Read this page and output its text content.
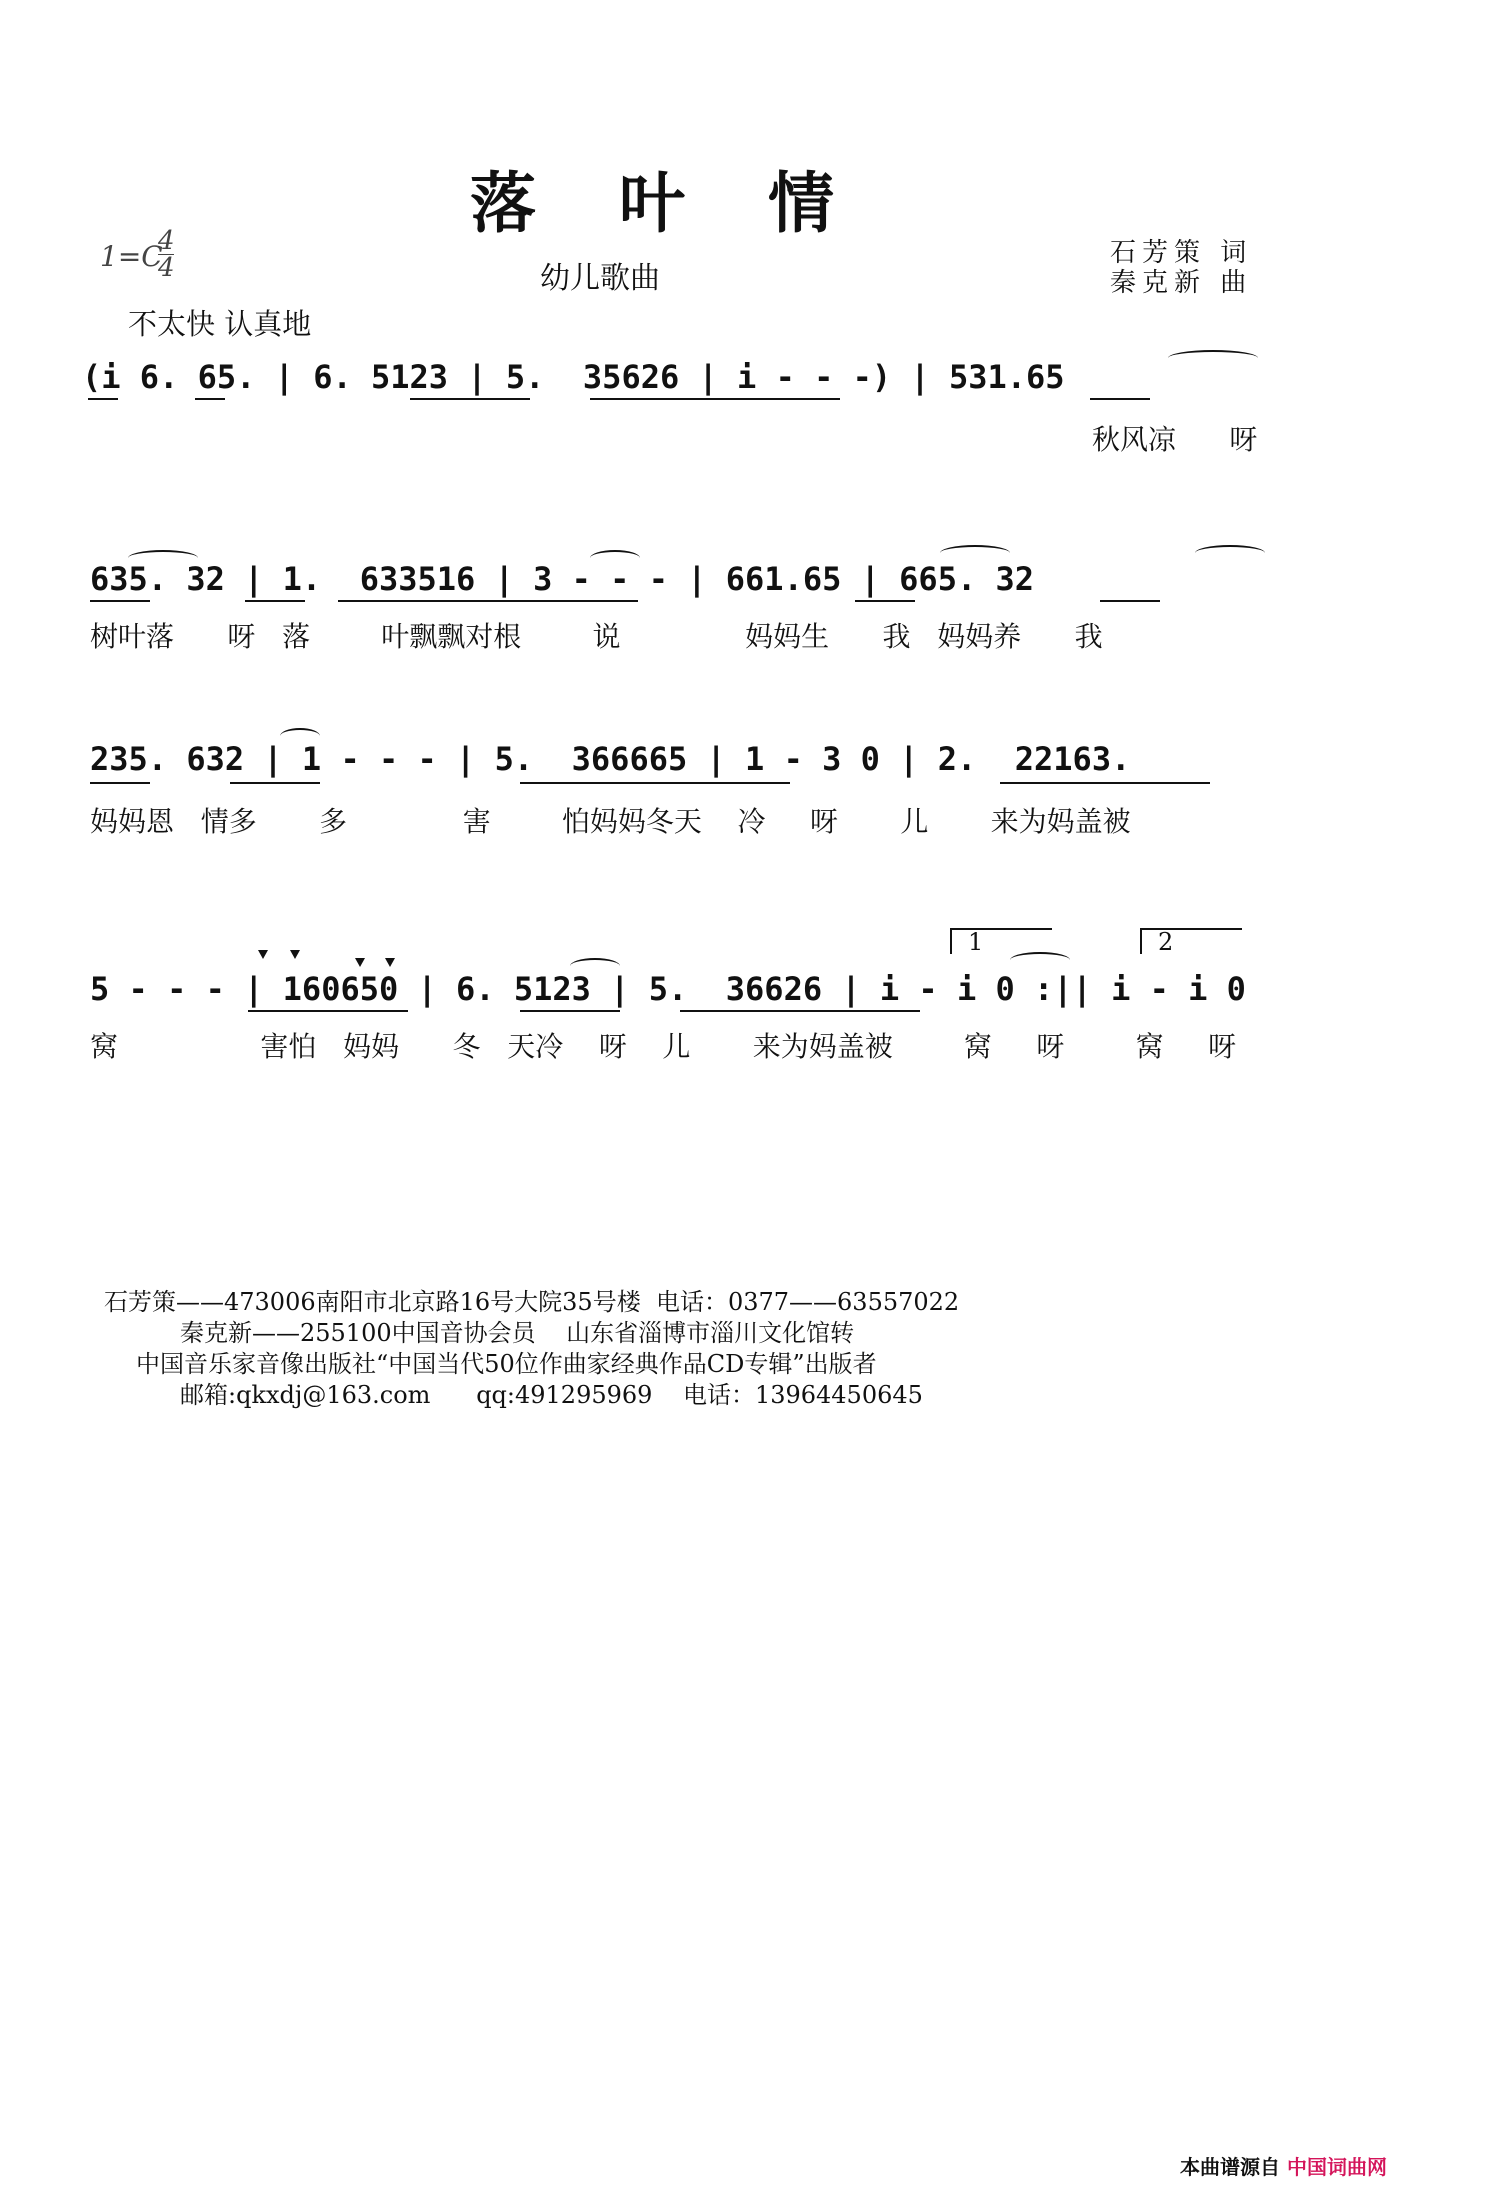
落 叶 情
幼儿歌曲
石芳策 词
秦克新 曲
1=C
4
4
不太快 认真地
(i 6. 65. | 6. 5123 | 5.  35626 | i - - -) | 531.65
秋风凉      呀
635. 32 | 1.  633516 | 3 - - - | 661.65 | 665. 32
树叶落      呀   落        叶飘飘对根        说              妈妈生      我   妈妈养      我
235. 632 | 1 - - - | 5.  366665 | 1 - 3 0 | 2.  22163.
妈妈恩   情多       多             害        怕妈妈冬天    冷     呀       儿       来为妈盖被
5 - - - | 160650 | 6. 5123 | 5.  36626 | i - i 0 :|| i - i 0
窝                害怕   妈妈      冬   天冷    呀    儿       来为妈盖被        窝     呀        窝     呀
1	2
石芳策——473006南阳市北京路16号大院35号楼  电话：0377——63557022
秦克新——255100中国音协会员    山东省淄博市淄川文化馆转
中国音乐家音像出版社“中国当代50位作曲家经典作品CD专辑”出版者
邮箱:qkxdj@163.com      qq:491295969    电话：13964450645
本曲谱源自 中国词曲网
